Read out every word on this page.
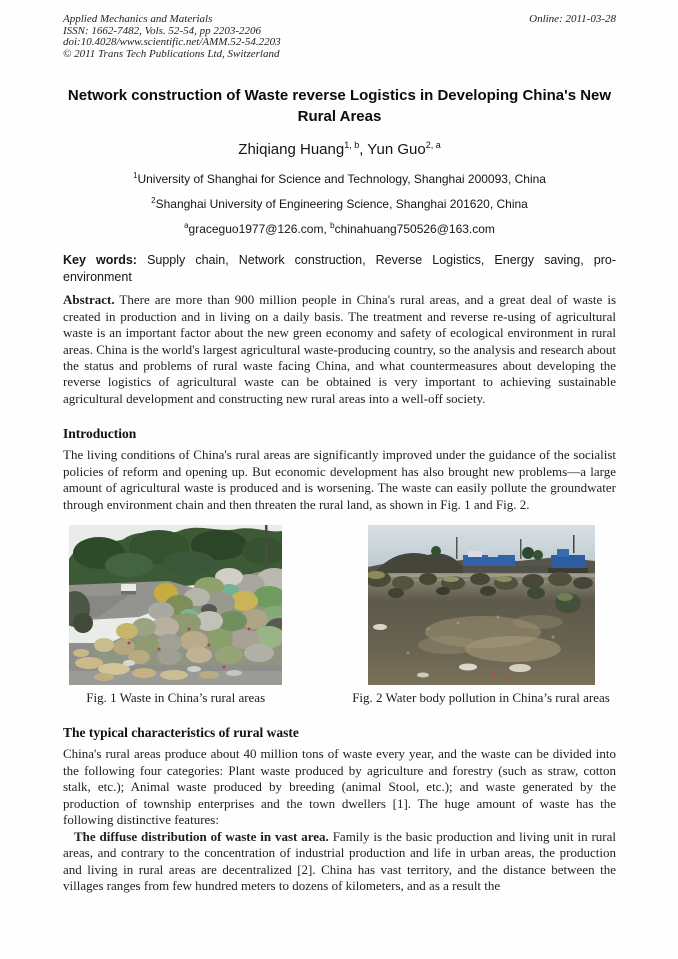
Applied Mechanics and Materials
ISSN: 1662-7482, Vols. 52-54, pp 2203-2206
doi:10.4028/www.scientific.net/AMM.52-54.2203
© 2011 Trans Tech Publications Ltd, Switzerland
Online: 2011-03-28
Network construction of Waste reverse Logistics in Developing China's New Rural Areas
Zhiqiang Huang$^{1, b}$, Yun Guo$^{2, a}$
$^1$University of Shanghai for Science and Technology, Shanghai 200093, China
$^2$Shanghai University of Engineering Science, Shanghai 201620, China
$^a$graceguo1977@126.com, $^b$chinahuang750526@163.com

Key words: Supply chain, Network construction, Reverse Logistics, Energy saving, pro-environment

Abstract. There are more than 900 million people in China's rural areas, and a great deal of waste is created in production and in living on a daily basis. The treatment and reverse re-using of agricultural waste is an important factor about the new green economy and safety of ecological environment in rural areas. China is the world's largest agricultural waste-producing country, so the analysis and research about the status and problems of rural waste facing China, and what countermeasures about developing the reverse logistics of agricultural waste can be obtained is very important to achieving sustainable agricultural development and constructing new rural areas into a well-off society.

Introduction

The living conditions of China's rural areas are significantly improved under the guidance of the socialist policies of reform and opening up. But economic development has also brought new problems—a large amount of agricultural waste is produced and is worsening. The waste can easily pollute the groundwater through environment chain and then threaten the rural land, as shown in Fig. 1 and Fig. 2.

Fig. 1 Waste in China’s rural areas	Fig. 2 Water body pollution in China’s rural areas
The typical characteristics of rural waste

China's rural areas produce about 40 million tons of waste every year, and the waste can be divided into the following four categories: Plant waste produced by agriculture and forestry (such as straw, cotton stalk, etc.); Animal waste produced by breeding (animal Stool, etc.); and waste generated by the production of township enterprises and the town dwellers [1]. The huge amount of waste has the following distinctive features:

The diffuse distribution of waste in vast area. Family is the basic production and living unit in rural areas, and contrary to the concentration of industrial production and life in urban areas, the production and living in rural areas are decentralized [2]. China has vast territory, and the distance between the villages ranges from few hundred meters to dozens of kilometers, and as a result the
